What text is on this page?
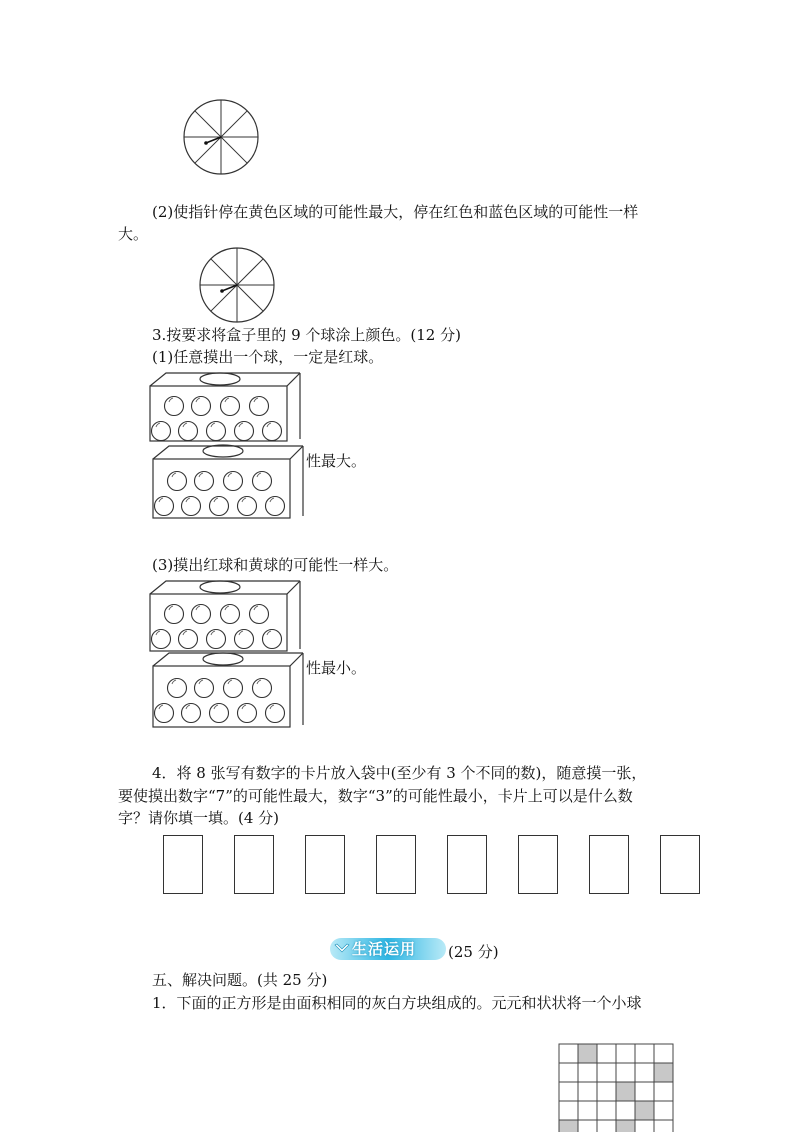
(2)使指针停在黄色区域的可能性最大，停在红色和蓝色区域的可能性一样
大。
3.按要求将盒子里的 9 个球涂上颜色。(12 分)
(1)任意摸出一个球，一定是红球。
性最大。
(3)摸出红球和黄球的可能性一样大。
性最小。
4．将 8 张写有数字的卡片放入袋中(至少有 3 个不同的数)，随意摸一张，
要使摸出数字“7”的可能性最大，数字“3”的可能性最小，卡片上可以是什么数
字？请你填一填。(4 分)
生活运用 (25 分)
五、解决问题。(共 25 分)
1．下面的正方形是由面积相同的灰白方块组成的。元元和状状将一个小球
